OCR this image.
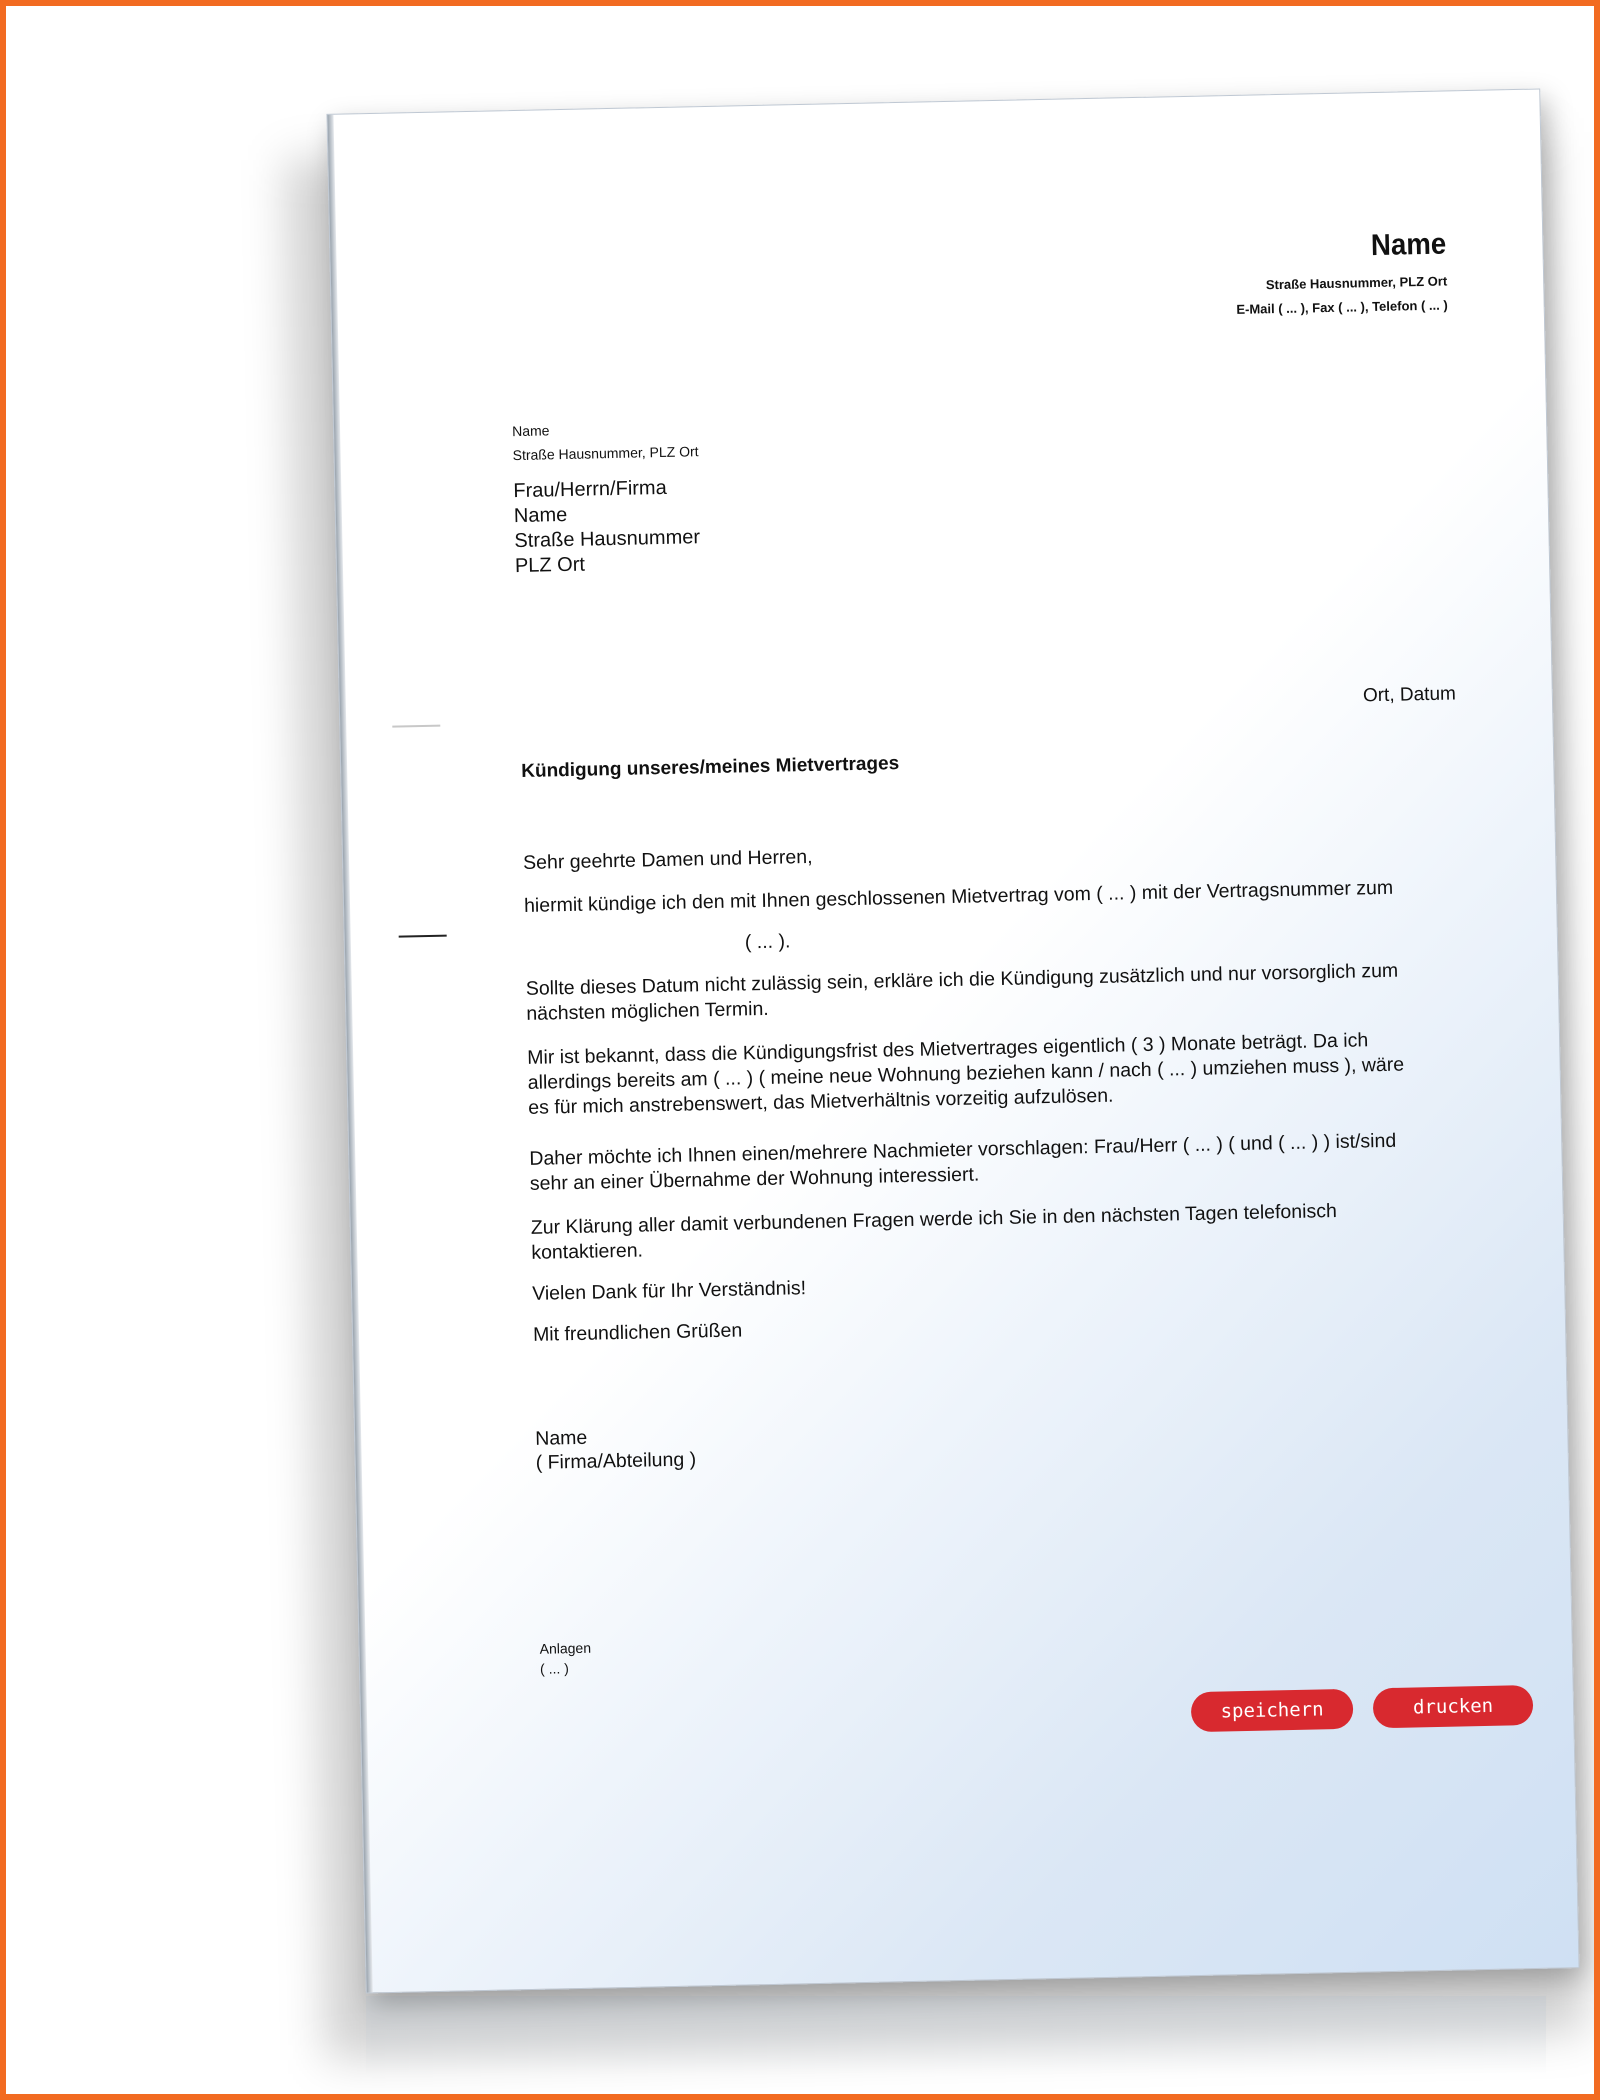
Name
Straße Hausnummer, PLZ Ort
E-Mail ( ... ), Fax ( ... ), Telefon ( ... )
Name
Straße Hausnummer, PLZ Ort
Frau/Herrn/Firma
Name
Straße Hausnummer
PLZ Ort
Ort, Datum
Kündigung unseres/meines Mietvertrages
Sehr geehrte Damen und Herren,
hiermit kündige ich den mit Ihnen geschlossenen Mietvertrag vom ( ... ) mit der Vertragsnummer zum
( ... ).
Sollte dieses Datum nicht zulässig sein, erkläre ich die Kündigung zusätzlich und nur vorsorglich zum nächsten möglichen Termin.
Mir ist bekannt, dass die Kündigungsfrist des Mietvertrages eigentlich ( 3 ) Monate beträgt. Da ich allerdings bereits am ( ... ) ( meine neue Wohnung beziehen kann / nach ( ... ) umziehen muss ), wäre es für mich anstrebenswert, das Mietverhältnis vorzeitig aufzulösen.
Daher möchte ich Ihnen einen/mehrere Nachmieter vorschlagen: Frau/Herr ( ... ) ( und ( ... ) ) ist/sind sehr an einer Übernahme der Wohnung interessiert.
Zur Klärung aller damit verbundenen Fragen werde ich Sie in den nächsten Tagen telefonisch kontaktieren.
Vielen Dank für Ihr Verständnis!
Mit freundlichen Grüßen
Name
( Firma/Abteilung )
Anlagen
( ... )
speichern	drucken
